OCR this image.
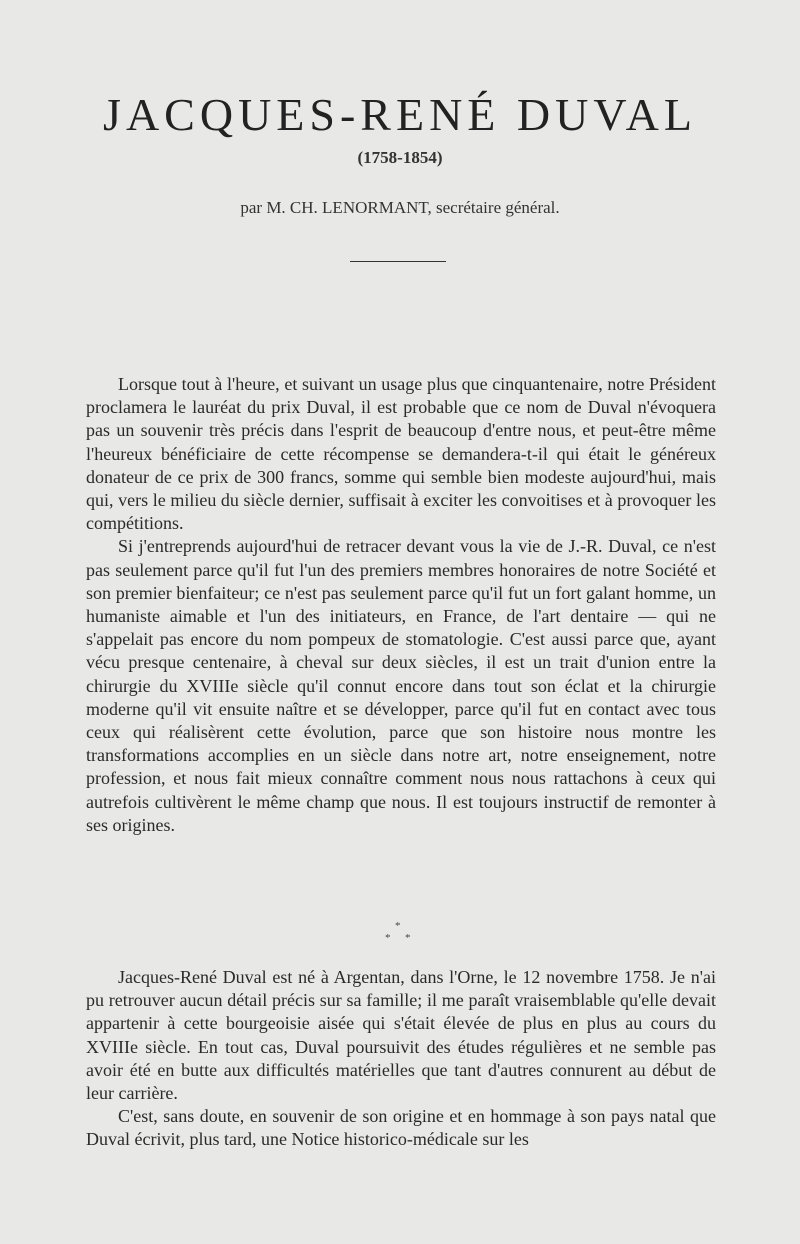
JACQUES-RENÉ DUVAL
(1758-1854)
par M. CH. LENORMANT, secrétaire général.

Lorsque tout à l'heure, et suivant un usage plus que cinquantenaire, notre Président proclamera le lauréat du prix Duval, il est probable que ce nom de Duval n'évoquera pas un souvenir très précis dans l'esprit de beaucoup d'entre nous, et peut-être même l'heureux bénéficiaire de cette récompense se demandera-t-il qui était le généreux donateur de ce prix de 300 francs, somme qui semble bien modeste aujourd'hui, mais qui, vers le milieu du siècle dernier, suffisait à exciter les convoitises et à provoquer les compétitions.

Si j'entreprends aujourd'hui de retracer devant vous la vie de J.-R. Duval, ce n'est pas seulement parce qu'il fut l'un des premiers membres honoraires de notre Société et son premier bienfaiteur; ce n'est pas seulement parce qu'il fut un fort galant homme, un humaniste aimable et l'un des initiateurs, en France, de l'art dentaire — qui ne s'appelait pas encore du nom pompeux de stomatologie. C'est aussi parce que, ayant vécu presque centenaire, à cheval sur deux siècles, il est un trait d'union entre la chirurgie du XVIIIe siècle qu'il connut encore dans tout son éclat et la chirurgie moderne qu'il vit ensuite naître et se développer, parce qu'il fut en contact avec tous ceux qui réalisèrent cette évolution, parce que son histoire nous montre les transformations accomplies en un siècle dans notre art, notre enseignement, notre profession, et nous fait mieux connaître comment nous nous rattachons à ceux qui autrefois cultivèrent le même champ que nous. Il est toujours instructif de remonter à ses origines.

*
* *

Jacques-René Duval est né à Argentan, dans l'Orne, le 12 novembre 1758. Je n'ai pu retrouver aucun détail précis sur sa famille; il me paraît vraisemblable qu'elle devait appartenir à cette bourgeoisie aisée qui s'était élevée de plus en plus au cours du XVIIIe siècle. En tout cas, Duval poursuivit des études régulières et ne semble pas avoir été en butte aux difficultés matérielles que tant d'autres connurent au début de leur carrière.

C'est, sans doute, en souvenir de son origine et en hommage à son pays natal que Duval écrivit, plus tard, une Notice historico-médicale sur les
